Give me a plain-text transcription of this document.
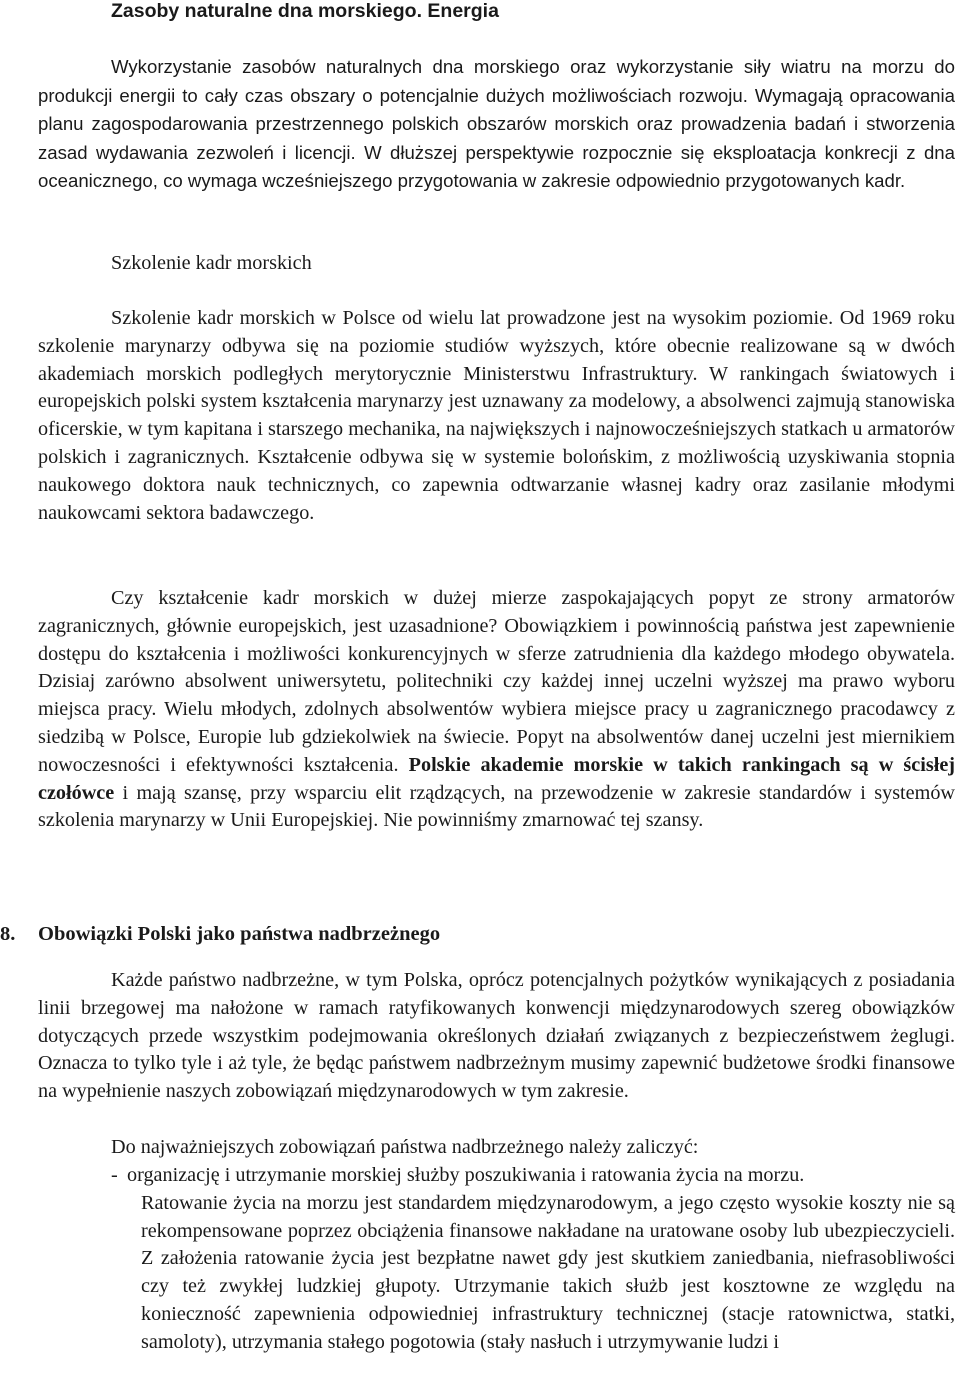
Zasoby naturalne dna morskiego. Energia

Wykorzystanie zasobów naturalnych dna morskiego oraz wykorzystanie siły wiatru na morzu do produkcji energii to cały czas obszary o potencjalnie dużych możliwościach rozwoju. Wymagają opracowania planu zagospodarowania przestrzennego polskich obszarów morskich oraz prowadzenia badań i stworzenia zasad wydawania zezwoleń i licencji. W dłuższej perspektywie rozpocznie się eksploatacja konkrecji z dna oceanicznego, co wymaga wcześniejszego przygotowania w zakresie odpowiednio przygotowanych kadr.

Szkolenie kadr morskich

Szkolenie kadr morskich w Polsce od wielu lat prowadzone jest na wysokim poziomie. Od 1969 roku szkolenie marynarzy odbywa się na poziomie studiów wyższych, które obecnie realizowane są w dwóch akademiach morskich podległych merytorycznie Ministerstwu Infrastruktury. W rankingach światowych i europejskich polski system kształcenia marynarzy jest uznawany za modelowy, a absolwenci zajmują stanowiska oficerskie, w tym kapitana i starszego mechanika, na największych i najnowocześniejszych statkach u armatorów polskich i zagranicznych. Kształcenie odbywa się w systemie bolońskim, z możliwością uzyskiwania stopnia naukowego doktora nauk technicznych, co zapewnia odtwarzanie własnej kadry oraz zasilanie młodymi naukowcami sektora badawczego.

Czy kształcenie kadr morskich w dużej mierze zaspokajających popyt ze strony armatorów zagranicznych, głównie europejskich, jest uzasadnione? Obowiązkiem i powinnością państwa jest zapewnienie dostępu do kształcenia i możliwości konkurencyjnych w sferze zatrudnienia dla każdego młodego obywatela. Dzisiaj zarówno absolwent uniwersytetu, politechniki czy każdej innej uczelni wyższej ma prawo wyboru miejsca pracy. Wielu młodych, zdolnych absolwentów wybiera miejsce pracy u zagranicznego pracodawcy z siedzibą w Polsce, Europie lub gdziekolwiek na świecie. Popyt na absolwentów danej uczelni jest miernikiem nowoczesności i efektywności kształcenia. Polskie akademie morskie w takich rankingach są w ścisłej czołówce i mają szansę, przy wsparciu elit rządzących, na przewodzenie w zakresie standardów i systemów szkolenia marynarzy w Unii Europejskiej. Nie powinniśmy zmarnować tej szansy.

8. Obowiązki Polski jako państwa nadbrzeżnego

Każde państwo nadbrzeżne, w tym Polska, oprócz potencjalnych pożytków wynikających z posiadania linii brzegowej ma nałożone w ramach ratyfikowanych konwencji międzynarodowych szereg obowiązków dotyczących przede wszystkim podejmowania określonych działań związanych z bezpieczeństwem żeglugi. Oznacza to tylko tyle i aż tyle, że będąc państwem nadbrzeżnym musimy zapewnić budżetowe środki finansowe na wypełnienie naszych zobowiązań międzynarodowych w tym zakresie.

Do najważniejszych zobowiązań państwa nadbrzeżnego należy zaliczyć:

- organizację i utrzymanie morskiej służby poszukiwania i ratowania życia na morzu.
Ratowanie życia na morzu jest standardem międzynarodowym, a jego często wysokie koszty nie są rekompensowane poprzez obciążenia finansowe nakładane na uratowane osoby lub ubezpieczycieli. Z założenia ratowanie życia jest bezpłatne nawet gdy jest skutkiem zaniedbania, niefrasobliwości czy też zwykłej ludzkiej głupoty. Utrzymanie takich służb jest kosztowne ze względu na konieczność zapewnienia odpowiedniej infrastruktury technicznej (stacje ratownictwa, statki, samoloty), utrzymania stałego pogotowia (stały nasłuch i utrzymywanie ludzi i
